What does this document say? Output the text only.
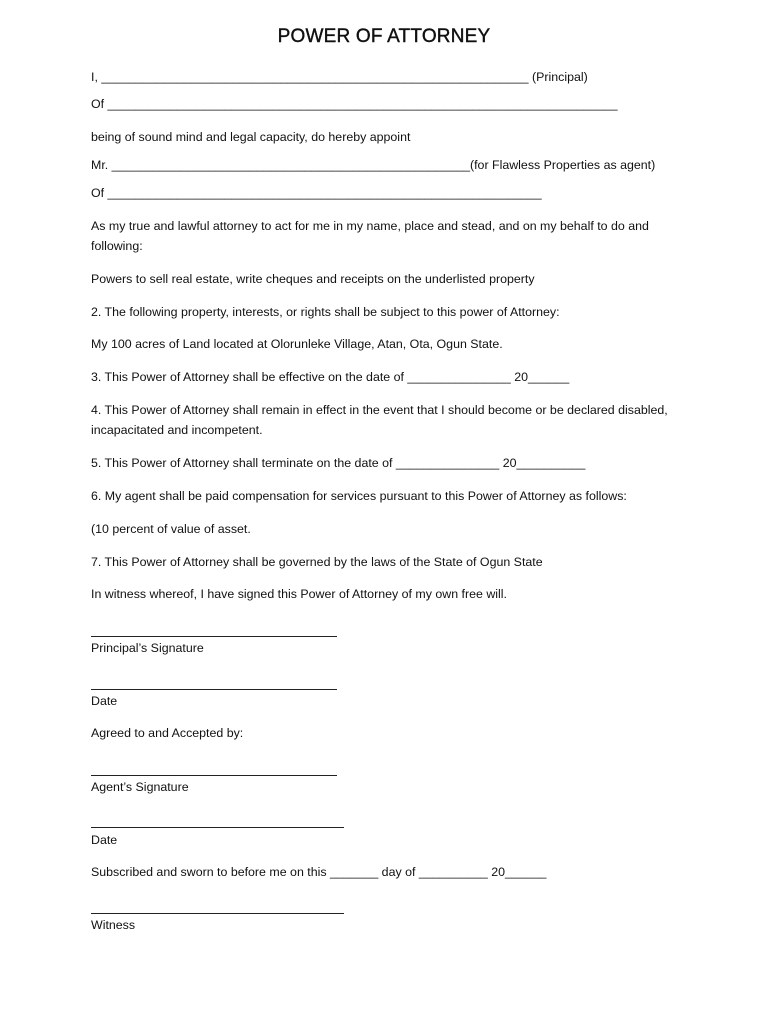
POWER OF ATTORNEY
I, ______________________________________________________________ (Principal)
Of __________________________________________________________________________
being of sound mind and legal capacity, do hereby appoint
Mr. ____________________________________________________(for Flawless Properties as agent)
Of _______________________________________________________________
As my true and lawful attorney to act for me in my name, place and stead, and on my behalf to do and following:
Powers to sell real estate, write cheques and receipts on the underlisted property
2. The following property, interests, or rights shall be subject to this power of Attorney:
My 100 acres of Land located at Olorunleke Village, Atan, Ota, Ogun State.
3. This Power of Attorney shall be effective on the date of _______________ 20______
4. This Power of Attorney shall remain in effect in the event that I should become or be declared disabled, incapacitated and incompetent.
5. This Power of Attorney shall terminate on the date of _______________ 20__________
6. My agent shall be paid compensation for services pursuant to this Power of Attorney as follows:
(10 percent of value of asset.
7. This Power of Attorney shall be governed by the laws of the State of Ogun State
In witness whereof, I have signed this Power of Attorney of my own free will.
Principal’s Signature
Date
Agreed to and Accepted by:
Agent’s Signature
Date
Subscribed and sworn to before me on this _______ day of __________ 20______
Witness
